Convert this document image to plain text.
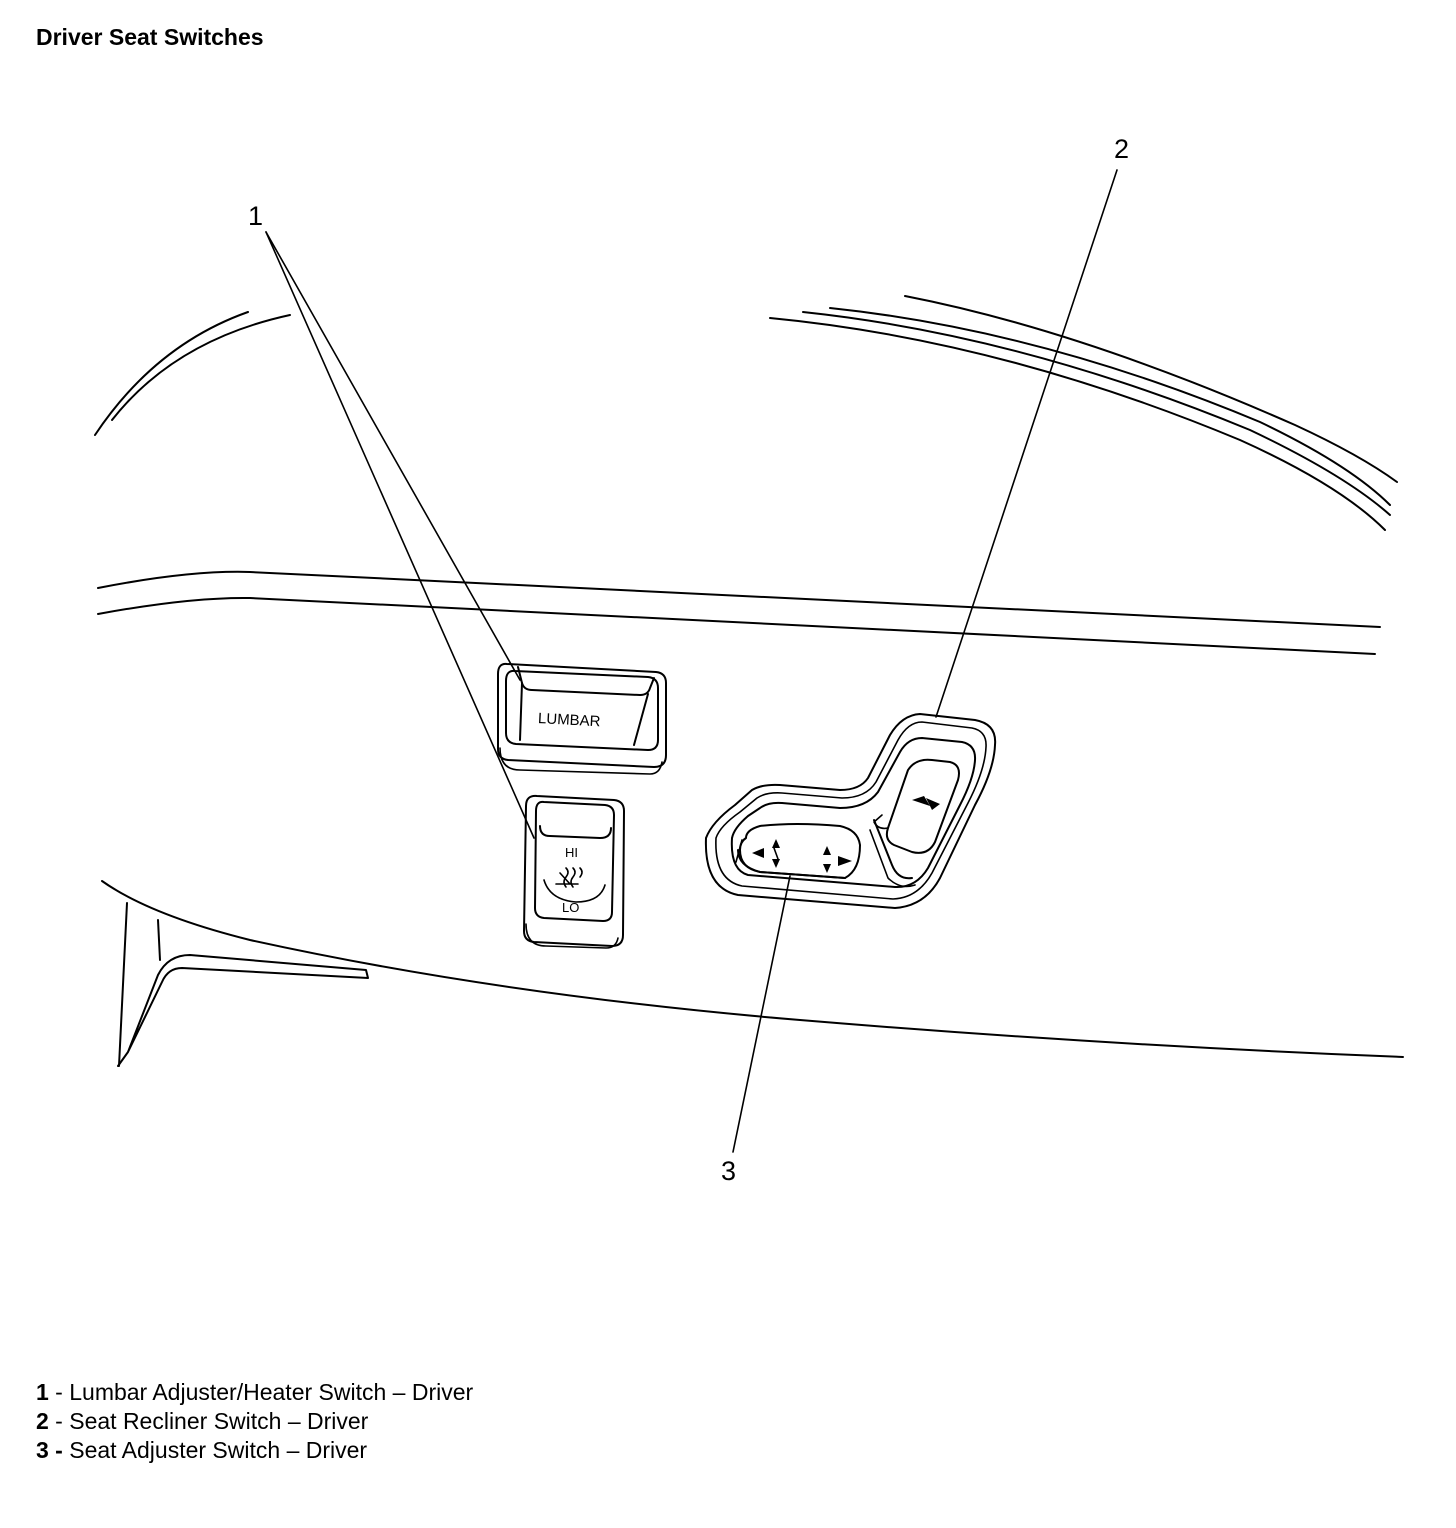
Driver Seat Switches
LUMBAR
HI
LO
1
2
3
1 - Lumbar Adjuster/Heater Switch – Driver
2 - Seat Recliner Switch – Driver
3 - Seat Adjuster Switch – Driver
